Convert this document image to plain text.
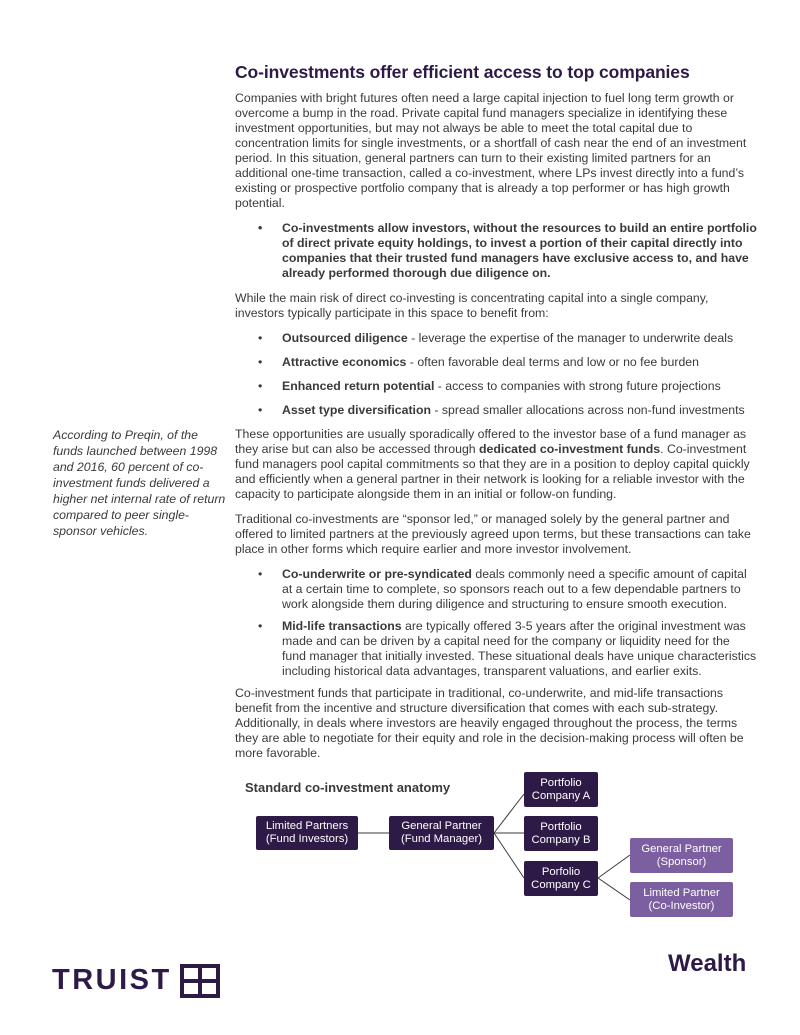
Co-investments offer efficient access to top companies

Companies with bright futures often need a large capital injection to fuel long term growth or overcome a bump in the road. Private capital fund managers specialize in identifying these investment opportunities, but may not always be able to meet the total capital due to concentration limits for single investments, or a shortfall of cash near the end of an investment period. In this situation, general partners can turn to their existing limited partners for an additional one-time transaction, called a co-investment, where LPs invest directly into a fund’s existing or prospective portfolio company that is already a top performer or has high growth potential.

• Co-investments allow investors, without the resources to build an entire portfolio of direct private equity holdings, to invest a portion of their capital directly into companies that their trusted fund managers have exclusive access to, and have already performed thorough due diligence on.

While the main risk of direct co-investing is concentrating capital into a single company, investors typically participate in this space to benefit from:

• Outsourced diligence - leverage the expertise of the manager to underwrite deals
• Attractive economics - often favorable deal terms and low or no fee burden
• Enhanced return potential - access to companies with strong future projections
• Asset type diversification - spread smaller allocations across non-fund investments

These opportunities are usually sporadically offered to the investor base of a fund manager as they arise but can also be accessed through dedicated co-investment funds. Co-investment fund managers pool capital commitments so that they are in a position to deploy capital quickly and efficiently when a general partner in their network is looking for a reliable investor with the capacity to participate alongside them in an initial or follow-on funding.

Traditional co-investments are “sponsor led,” or managed solely by the general partner and offered to limited partners at the previously agreed upon terms, but these transactions can take place in other forms which require earlier and more investor involvement.

• Co-underwrite or pre-syndicated deals commonly need a specific amount of capital at a certain time to complete, so sponsors reach out to a few dependable partners to work alongside them during diligence and structuring to ensure smooth execution.
• Mid-life transactions are typically offered 3-5 years after the original investment was made and can be driven by a capital need for the company or liquidity need for the fund manager that initially invested. These situational deals have unique characteristics including historical data advantages, transparent valuations, and earlier exits.

Co-investment funds that participate in traditional, co-underwrite, and mid-life transactions benefit from the incentive and structure diversification that comes with each sub-strategy. Additionally, in deals where investors are heavily engaged throughout the process, the terms they are able to negotiate for their equity and role in the decision-making process will often be more favorable.

According to Preqin, of the funds launched between 1998 and 2016, 60 percent of co-investment funds delivered a higher net internal rate of return compared to peer single-sponsor vehicles.
Standard co-investment anatomy
Limited Partners
(Fund Investors)
General Partner
(Fund Manager)
Portfolio
Company A
Portfolio
Company B
Porfolio
Company C
General Partner
(Sponsor)
Limited Partner
(Co-Investor)
TRUIST
Wealth
